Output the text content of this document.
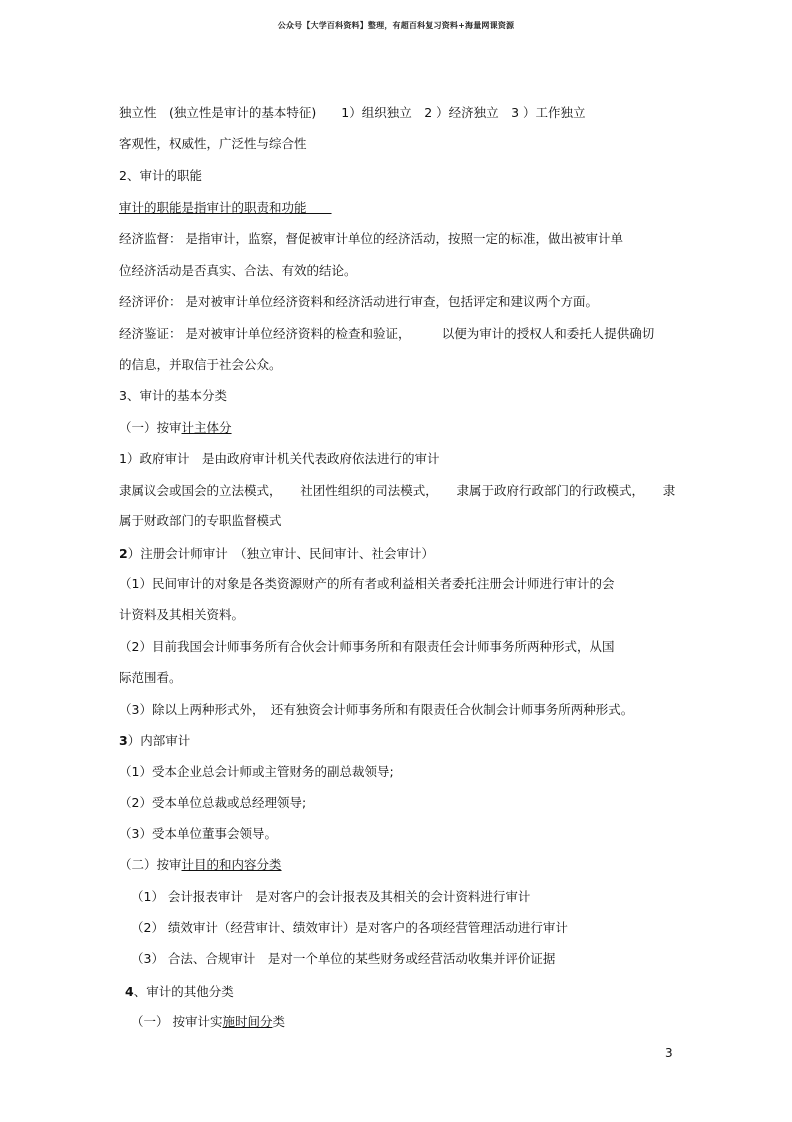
公众号【大学百科资料】整理，有超百科复习资料+海量网课资源
独立性　(独立性是审计的基本特征)　　1）组织独立　2 ）经济独立　3 ）工作独立
客观性，权威性，广泛性与综合性
2、审计的职能
审计的职能是指审计的职责和功能　　
经济监督： 是指审计，监察，督促被审计单位的经济活动，按照一定的标准，做出被审计单
位经济活动是否真实、合法、有效的结论。
经济评价： 是对被审计单位经济资料和经济活动进行审查，包括评定和建议两个方面。
经济鉴证： 是对被审计单位经济资料的检查和验证，　　　以便为审计的授权人和委托人提供确切
的信息，并取信于社会公众。
3、审计的基本分类
（一）按审计主体分
1）政府审计　是由政府审计机关代表政府依法进行的审计
隶属议会或国会的立法模式，　　社团性组织的司法模式，　　隶属于政府行政部门的行政模式，　　隶
属于财政部门的专职监督模式
2）注册会计师审计　（独立审计、民间审计、社会审计）
（1）民间审计的对象是各类资源财产的所有者或利益相关者委托注册会计师进行审计的会
计资料及其相关资料。
（2）目前我国会计师事务所有合伙会计师事务所和有限责任会计师事务所两种形式，从国
际范围看。
（3）除以上两种形式外，　还有独资会计师事务所和有限责任合伙制会计师事务所两种形式。
3）内部审计
（1）受本企业总会计师或主管财务的副总裁领导;
（2）受本单位总裁或总经理领导;
（3）受本单位董事会领导。
（二）按审计目的和内容分类
（1） 会计报表审计　是对客户的会计报表及其相关的会计资料进行审计
（2） 绩效审计（经营审计、绩效审计）是对客户的各项经营管理活动进行审计
（3） 合法、合规审计　是对一个单位的某些财务或经营活动收集并评价证据
4、审计的其他分类
（一） 按审计实施时间分类
3
